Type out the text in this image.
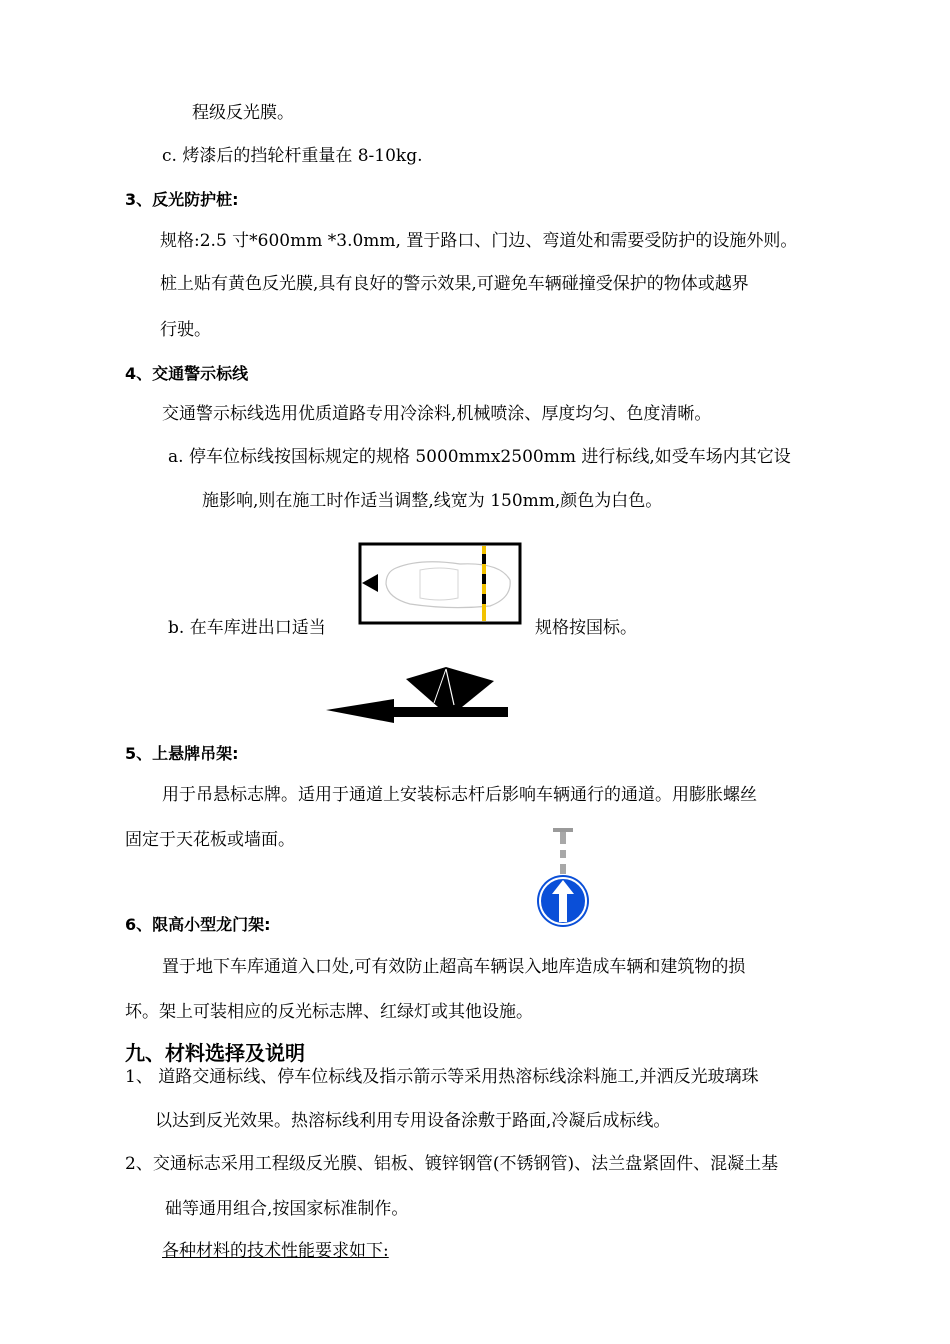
程级反光膜。
c. 烤漆后的挡轮杆重量在 8-10kg.
3、反光防护桩:
规格:2.5 寸*600mm *3.0mm, 置于路口、门边、弯道处和需要受防护的设施外则。
桩上贴有黄色反光膜,具有良好的警示效果,可避免车辆碰撞受保护的物体或越界
行驶。
4、交通警示标线
交通警示标线选用优质道路专用冷涂料,机械喷涂、厚度均匀、色度清晰。
a. 停车位标线按国标规定的规格 5000mmx2500mm 进行标线,如受车场内其它设
施影响,则在施工时作适当调整,线宽为 150mm,颜色为白色。
b. 在车库进出口适当	规格按国标。
5、上悬牌吊架:
用于吊悬标志牌。适用于通道上安装标志杆后影响车辆通行的通道。用膨胀螺丝
固定于天花板或墙面。
6、限高小型龙门架:
置于地下车库通道入口处,可有效防止超高车辆误入地库造成车辆和建筑物的损
坏。架上可装相应的反光标志牌、红绿灯或其他设施。
九、材料选择及说明
1、 道路交通标线、停车位标线及指示箭示等采用热溶标线涂料施工,并洒反光玻璃珠
以达到反光效果。热溶标线利用专用设备涂敷于路面,冷凝后成标线。
2、交通标志采用工程级反光膜、铝板、镀锌钢管(不锈钢管)、法兰盘紧固件、混凝土基
础等通用组合,按国家标准制作。
各种材料的技术性能要求如下:
